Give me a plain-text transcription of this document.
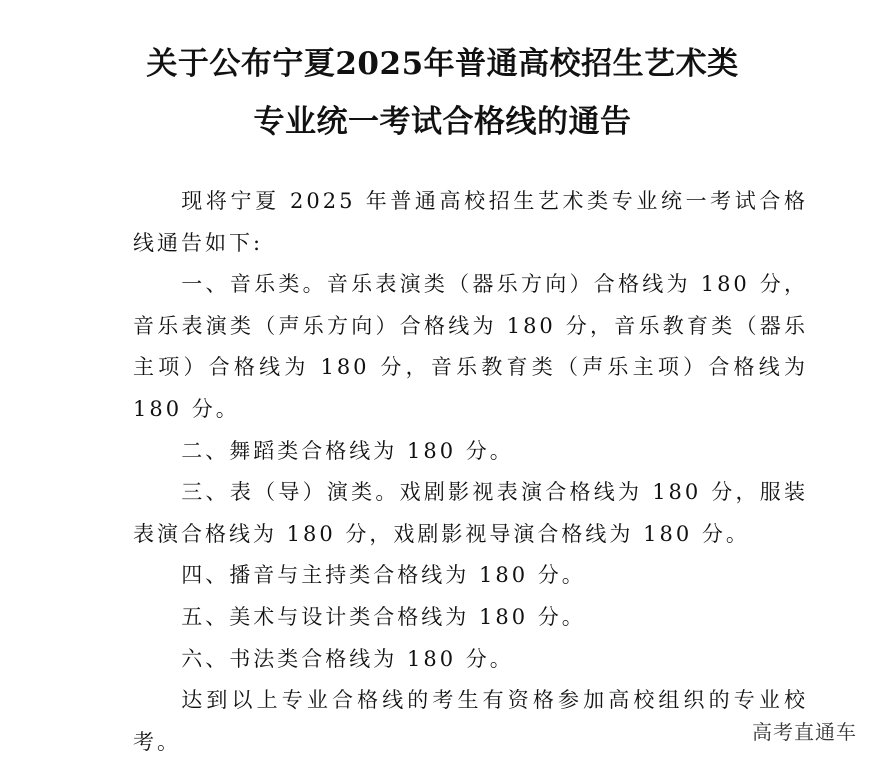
关于公布宁夏2025年普通高校招生艺术类
专业统一考试合格线的通告

现将宁夏 2025 年普通高校招生艺术类专业统一考试合格线通告如下:

一、音乐类。音乐表演类（器乐方向）合格线为 180 分，音乐表演类（声乐方向）合格线为 180 分，音乐教育类（器乐主项）合格线为 180 分，音乐教育类（声乐主项）合格线为 180 分。

二、舞蹈类合格线为 180 分。

三、表（导）演类。戏剧影视表演合格线为 180 分，服装表演合格线为 180 分，戏剧影视导演合格线为 180 分。

四、播音与主持类合格线为 180 分。

五、美术与设计类合格线为 180 分。

六、书法类合格线为 180 分。

达到以上专业合格线的考生有资格参加高校组织的专业校考。	高考直通车
